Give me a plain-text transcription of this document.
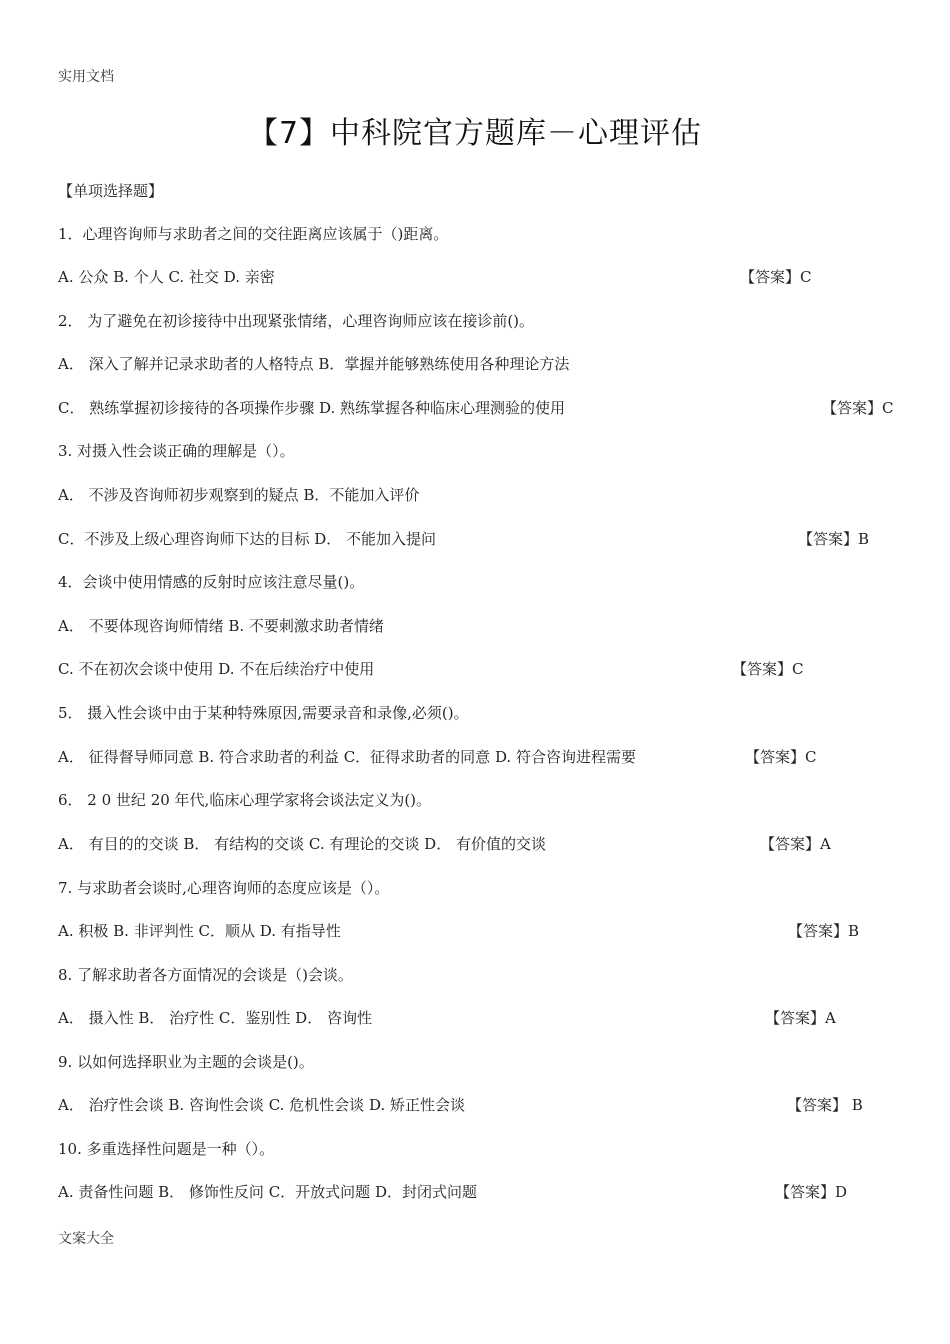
实用文档
【7】中科院官方题库－心理评估
【单项选择题】
1．心理咨询师与求助者之间的交往距离应该属于（)距离。
A. 公众 B. 个人 C. 社交 D. 亲密	【答案】C
2． 为了避免在初诊接待中出现紧张情绪，心理咨询师应该在接诊前()。
A． 深入了解并记录求助者的人格特点 B．掌握并能够熟练使用各种理论方法
C． 熟练掌握初诊接待的各项操作步骤 D. 熟练掌握各种临床心理测验的使用	【答案】C
3. 对摄入性会谈正确的理解是（）。
A． 不涉及咨询师初步观察到的疑点 B．不能加入评价
C．不涉及上级心理咨询师下达的目标 D． 不能加入提问	【答案】B
4．会谈中使用情感的反射时应该注意尽量()。
A． 不要体现咨询师情绪 B. 不要刺激求助者情绪
C. 不在初次会谈中使用 D. 不在后续治疗中使用	【答案】C
5． 摄入性会谈中由于某种特殊原因,需要录音和录像,必须()。
A． 征得督导师同意 B. 符合求助者的利益 C．征得求助者的同意 D. 符合咨询进程需要	【答案】C
6． 2 0 世纪 20 年代,临床心理学家将会谈法定义为()。
A． 有目的的交谈 B． 有结构的交谈 C. 有理论的交谈 D． 有价值的交谈	【答案】A
7. 与求助者会谈时,心理咨询师的态度应该是（）。
A. 积极 B. 非评判性 C．顺从 D. 有指导性	【答案】B
8. 了解求助者各方面情况的会谈是（)会谈。
A． 摄入性 B． 治疗性 C．鉴别性 D． 咨询性	【答案】A
9. 以如何选择职业为主题的会谈是()。
A． 治疗性会谈 B. 咨询性会谈 C. 危机性会谈 D. 矫正性会谈	【答案】 B
10. 多重选择性问题是一种（）。
A. 责备性问题 B． 修饰性反问 C．开放式问题 D．封闭式问题	【答案】D
文案大全
